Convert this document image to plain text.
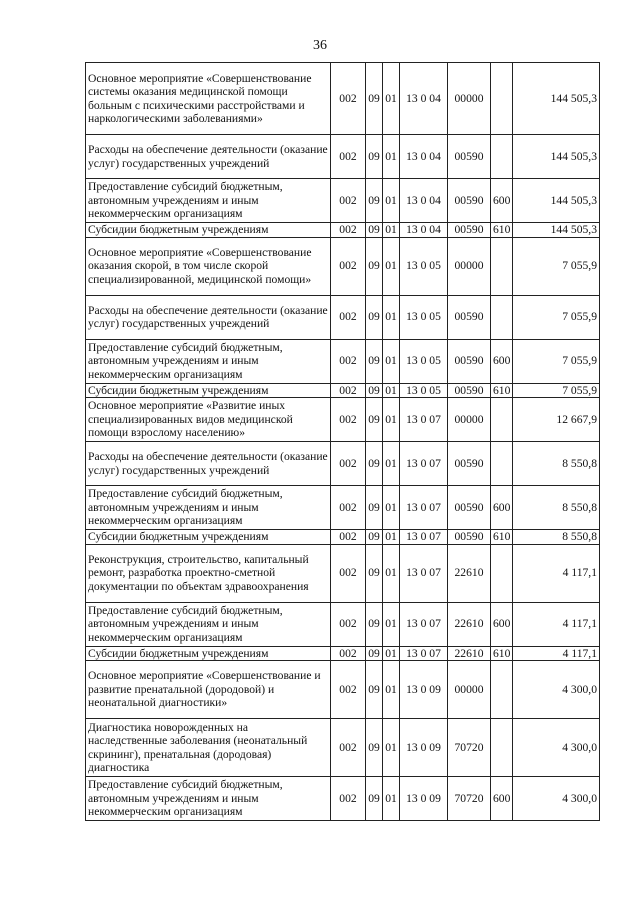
36
Основное мероприятие «Совершенствование системы оказания медицинской помощи больным с психическими расстройствами и наркологическими заболеваниями»	002	09	01	13 0 04	00000		144 505,3
Расходы на обеспечение деятельности (оказание услуг) государственных учреждений	002	09	01	13 0 04	00590		144 505,3
Предоставление субсидий бюджетным, автономным учреждениям и иным некоммерческим организациям	002	09	01	13 0 04	00590	600	144 505,3
Субсидии бюджетным учреждениям	002	09	01	13 0 04	00590	610	144 505,3
Основное мероприятие «Совершенствование оказания скорой, в том числе скорой специализированной, медицинской помощи»	002	09	01	13 0 05	00000		7 055,9
Расходы на обеспечение деятельности (оказание услуг) государственных учреждений	002	09	01	13 0 05	00590		7 055,9
Предоставление субсидий бюджетным, автономным учреждениям и иным некоммерческим организациям	002	09	01	13 0 05	00590	600	7 055,9
Субсидии бюджетным учреждениям	002	09	01	13 0 05	00590	610	7 055,9
Основное мероприятие «Развитие иных специализированных видов медицинской помощи взрослому населению»	002	09	01	13 0 07	00000		12 667,9
Расходы на обеспечение деятельности (оказание услуг) государственных учреждений	002	09	01	13 0 07	00590		8 550,8
Предоставление субсидий бюджетным, автономным учреждениям и иным некоммерческим организациям	002	09	01	13 0 07	00590	600	8 550,8
Субсидии бюджетным учреждениям	002	09	01	13 0 07	00590	610	8 550,8
Реконструкция, строительство, капитальный ремонт, разработка проектно-сметной документации по объектам здравоохранения	002	09	01	13 0 07	22610		4 117,1
Предоставление субсидий бюджетным, автономным учреждениям и иным некоммерческим организациям	002	09	01	13 0 07	22610	600	4 117,1
Субсидии бюджетным учреждениям	002	09	01	13 0 07	22610	610	4 117,1
Основное мероприятие «Совершенствование и развитие пренатальной (дородовой) и неонатальной диагностики»	002	09	01	13 0 09	00000		4 300,0
Диагностика новорожденных на наследственные заболевания (неонатальный скрининг), пренатальная (дородовая) диагностика	002	09	01	13 0 09	70720		4 300,0
Предоставление субсидий бюджетным, автономным учреждениям и иным некоммерческим организациям	002	09	01	13 0 09	70720	600	4 300,0
